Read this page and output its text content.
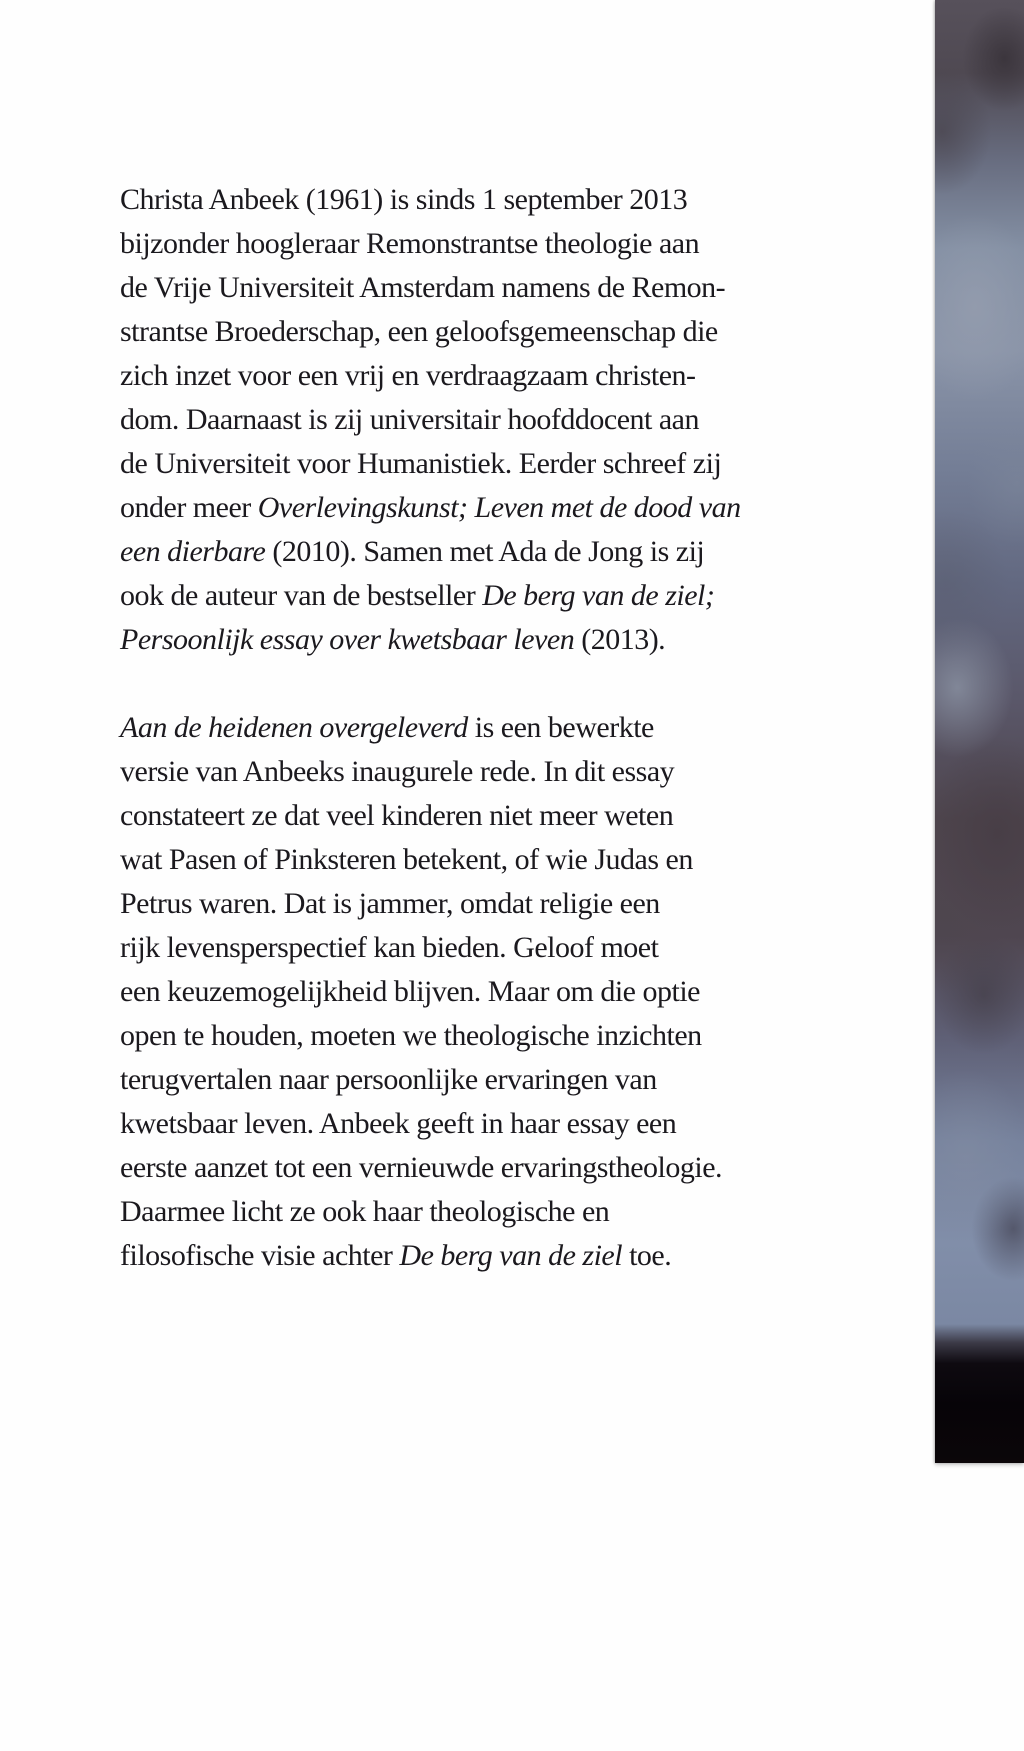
Christa Anbeek (1961) is sinds 1 september 2013
bijzonder hoogleraar Remonstrantse theologie aan
de Vrije Universiteit Amsterdam namens de Remon-
strantse Broederschap, een geloofsgemeenschap die
zich inzet voor een vrij en verdraagzaam christen-
dom. Daarnaast is zij universitair hoofddocent aan
de Universiteit voor Humanistiek. Eerder schreef zij
onder meer Overlevingskunst; Leven met de dood van
een dierbare (2010). Samen met Ada de Jong is zij
ook de auteur van de bestseller De berg van de ziel;
Persoonlijk essay over kwetsbaar leven (2013).

Aan de heidenen overgeleverd is een bewerkte
versie van Anbeeks inaugurele rede. In dit essay
constateert ze dat veel kinderen niet meer weten
wat Pasen of Pinksteren betekent, of wie Judas en
Petrus waren. Dat is jammer, omdat religie een
rijk levensperspectief kan bieden. Geloof moet
een keuzemogelijkheid blijven. Maar om die optie
open te houden, moeten we theologische inzichten
terugvertalen naar persoonlijke ervaringen van
kwetsbaar leven. Anbeek geeft in haar essay een
eerste aanzet tot een vernieuwde ervaringstheologie.
Daarmee licht ze ook haar theologische en
filosofische visie achter De berg van de ziel toe.
